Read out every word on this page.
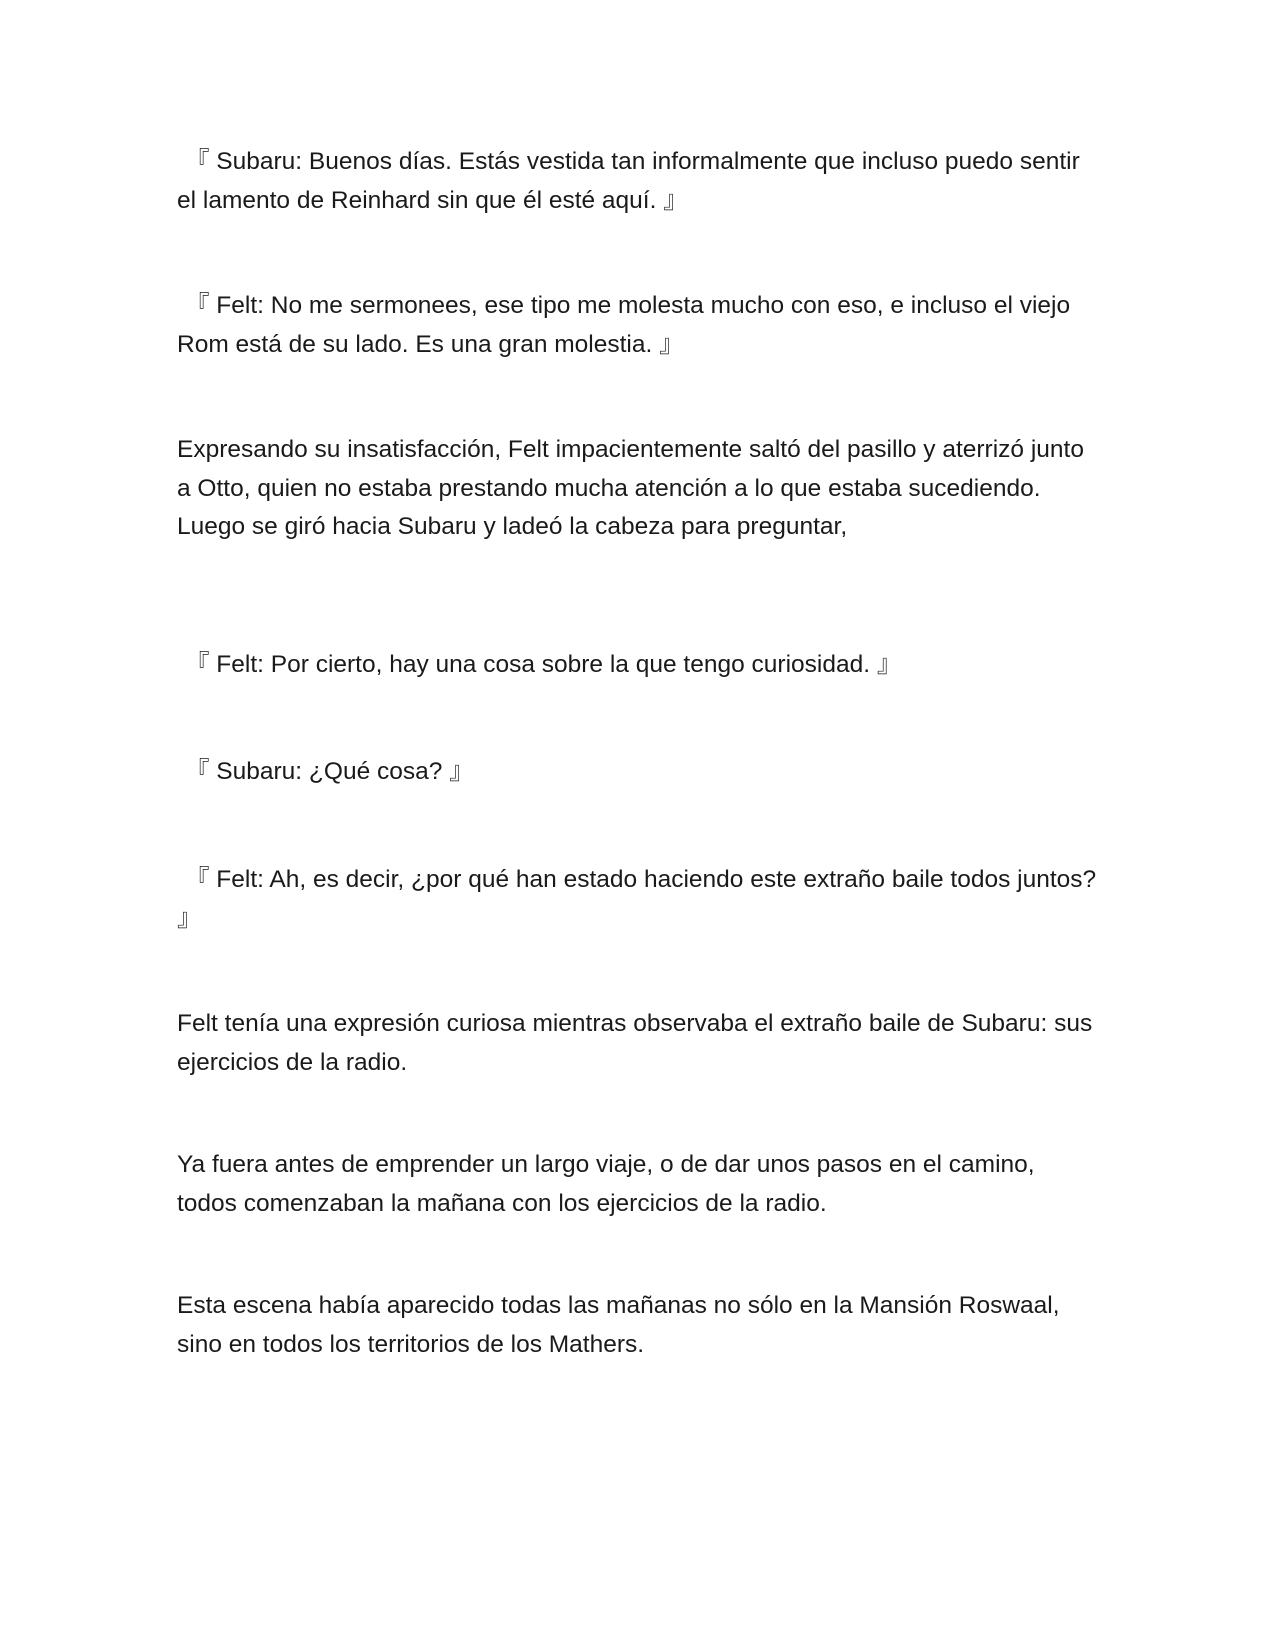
『 Subaru: Buenos días. Estás vestida tan informalmente que incluso puedo sentir el lamento de Reinhard sin que él esté aquí. 』

『 Felt: No me sermonees, ese tipo me molesta mucho con eso, e incluso el viejo Rom está de su lado. Es una gran molestia. 』

Expresando su insatisfacción, Felt impacientemente saltó del pasillo y aterrizó junto a Otto, quien no estaba prestando mucha atención a lo que estaba sucediendo. Luego se giró hacia Subaru y ladeó la cabeza para preguntar,

『 Felt: Por cierto, hay una cosa sobre la que tengo curiosidad. 』

『 Subaru: ¿Qué cosa? 』

『 Felt: Ah, es decir, ¿por qué han estado haciendo este extraño baile todos juntos? 』

Felt tenía una expresión curiosa mientras observaba el extraño baile de Subaru: sus ejercicios de la radio.

Ya fuera antes de emprender un largo viaje, o de dar unos pasos en el camino, todos comenzaban la mañana con los ejercicios de la radio.

Esta escena había aparecido todas las mañanas no sólo en la Mansión Roswaal, sino en todos los territorios de los Mathers.
